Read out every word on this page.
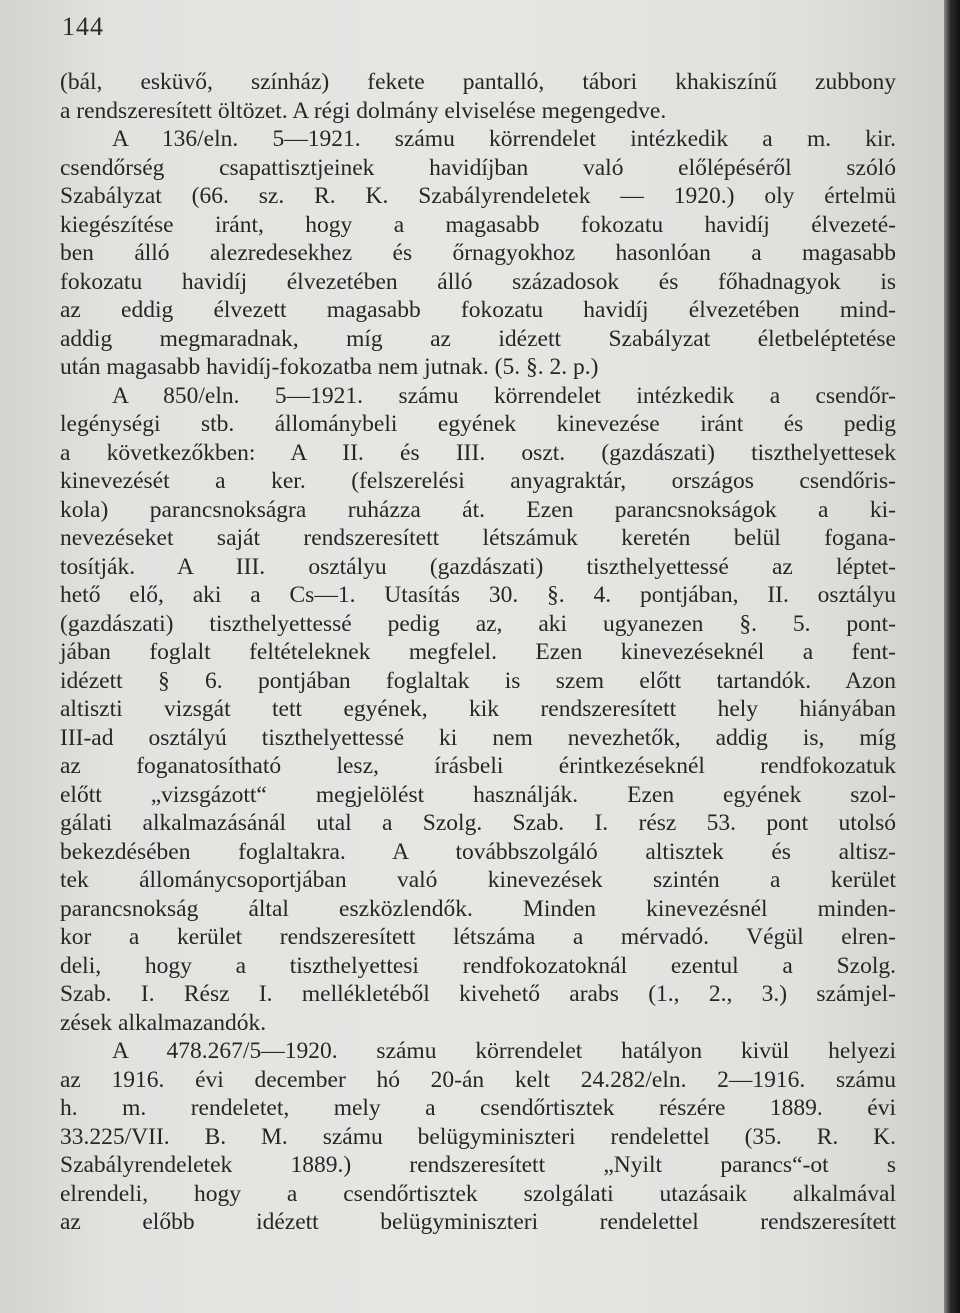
144
(bál, esküvő, színház) fekete pantalló, tábori khakiszínű zubbony
a rendszeresített öltözet. A régi dolmány elviselése megengedve.
A 136/eln. 5—1921. számu körrendelet intézkedik a m. kir.
csendőrség csapattisztjeinek havidíjban való előlépéséről szóló
Szabályzat (66. sz. R. K. Szabályrendeletek — 1920.) oly értelmü
kiegészítése iránt, hogy a magasabb fokozatu havidíj élvezeté-
ben álló alezredesekhez és őrnagyokhoz hasonlóan a magasabb
fokozatu havidíj élvezetében álló századosok és főhadnagyok is
az eddig élvezett magasabb fokozatu havidíj élvezetében mind-
addig megmaradnak, míg az idézett Szabályzat életbeléptetése
után magasabb havidíj-fokozatba nem jutnak. (5. §. 2. p.)
A 850/eln. 5—1921. számu körrendelet intézkedik a csendőr-
legénységi stb. állománybeli egyének kinevezése iránt és pedig
a következőkben: A II. és III. oszt. (gazdászati) tiszthelyettesek
kinevezését a ker. (felszerelési anyagraktár, országos csendőris-
kola) parancsnokságra ruházza át. Ezen parancsnokságok a ki-
nevezéseket saját rendszeresített létszámuk keretén belül fogana-
tosítják. A III. osztályu (gazdászati) tiszthelyettessé az léptet-
hető elő, aki a Cs—1. Utasítás 30. §. 4. pontjában, II. osztályu
(gazdászati) tiszthelyettessé pedig az, aki ugyanezen §. 5. pont-
jában foglalt feltételeknek megfelel. Ezen kinevezéseknél a fent-
idézett § 6. pontjában foglaltak is szem előtt tartandók. Azon
altiszti vizsgát tett egyének, kik rendszeresített hely hiányában
III-ad osztályú tiszthelyettessé ki nem nevezhetők, addig is, míg
az foganatosítható lesz, írásbeli érintkezéseknél rendfokozatuk
előtt „vizsgázott“ megjelölést használják. Ezen egyének szol-
gálati alkalmazásánál utal a Szolg. Szab. I. rész 53. pont utolsó
bekezdésében foglaltakra. A továbbszolgáló altisztek és altisz-
tek állománycsoportjában való kinevezések szintén a kerület
parancsnokság által eszközlendők. Minden kinevezésnél minden-
kor a kerület rendszeresített létszáma a mérvadó. Végül elren-
deli, hogy a tiszthelyettesi rendfokozatoknál ezentul a Szolg.
Szab. I. Rész I. mellékletéből kivehető arabs (1., 2., 3.) számjel-
zések alkalmazandók.
A 478.267/5—1920. számu körrendelet hatályon kivül helyezi
az 1916. évi december hó 20-án kelt 24.282/eln. 2—1916. számu
h. m. rendeletet, mely a csendőrtisztek részére 1889. évi
33.225/VII. B. M. számu belügyminiszteri rendelettel (35. R. K.
Szabályrendeletek 1889.) rendszeresített „Nyilt parancs“-ot s
elrendeli, hogy a csendőrtisztek szolgálati utazásaik alkalmával
az előbb idézett belügyminiszteri rendelettel rendszeresített
